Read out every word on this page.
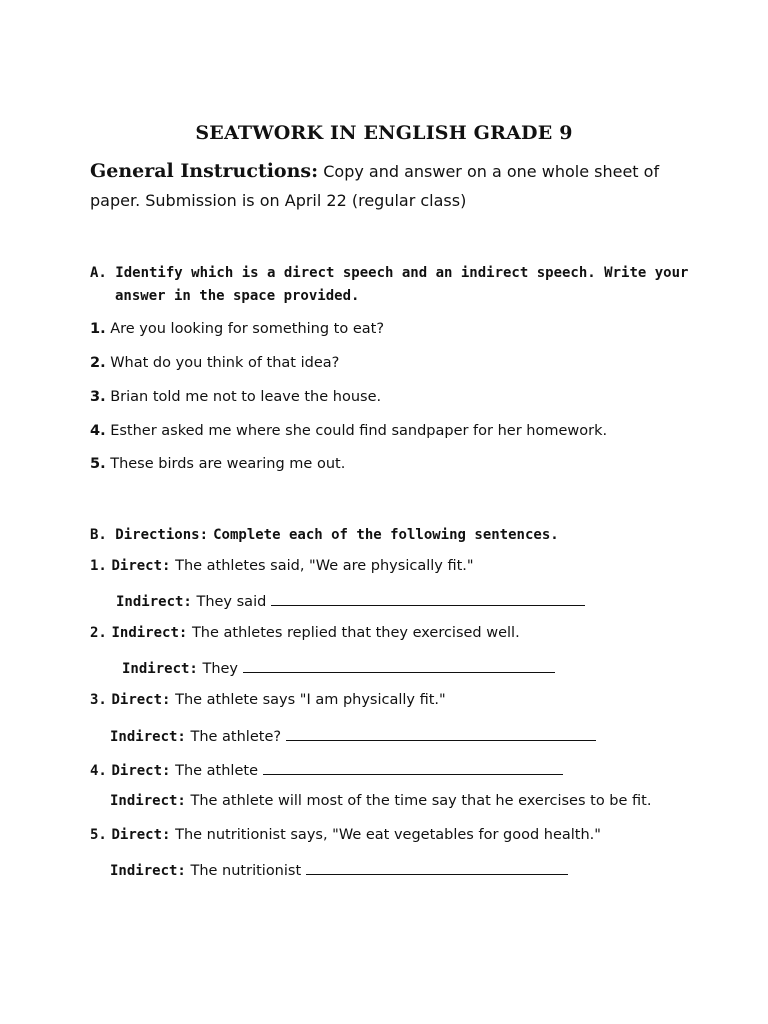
SEATWORK IN ENGLISH GRADE 9
General Instructions: Copy and answer on a one whole sheet of
paper. Submission is on April 22 (regular class)
A. Identify which is a direct speech and an indirect speech. Write your
answer in the space provided.
1. Are you looking for something to eat?
2. What do you think of that idea?
3. Brian told me not to leave the house.
4. Esther asked me where she could find sandpaper for her homework.
5. These birds are wearing me out.
B. Directions: Complete each of the following sentences.
1. Direct: The athletes said, "We are physically fit."
Indirect: They said
2. Indirect: The athletes replied that they exercised well.
Indirect: They
3. Direct: The athlete says "I am physically fit."
Indirect: The athlete?
4. Direct: The athlete
Indirect: The athlete will most of the time say that he exercises to be fit.
5. Direct: The nutritionist says, "We eat vegetables for good health."
Indirect: The nutritionist
